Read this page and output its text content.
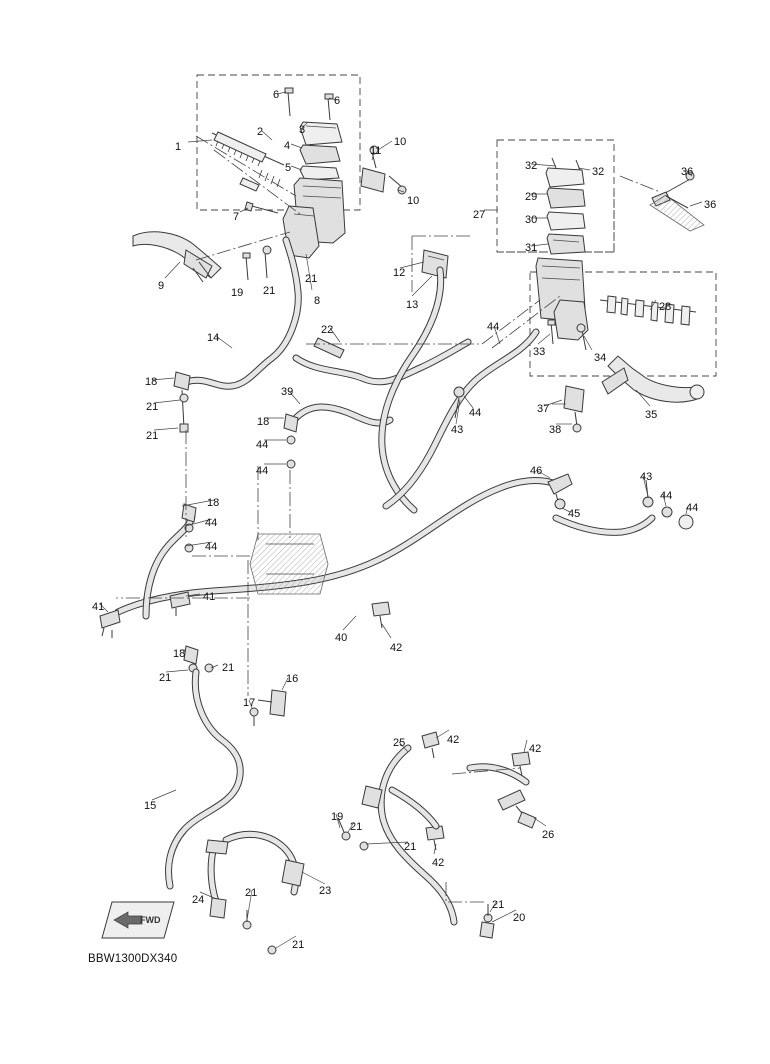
FWD
BBW1300DX340
1
2	3
4
5
6	6
7
8
9
10
10
11
12
13
14
15
16
17
18
18
18
18
19
19
20
21
21
21
21
21
21
21
21
21
21
21
22
23
24
25
26
27
28
29
30
31
32	32
33	34
35
36
36
37
38
39
40
41
41
42
42
42
42
43
43
44
44
44
44
44
44
44
44
45
46
